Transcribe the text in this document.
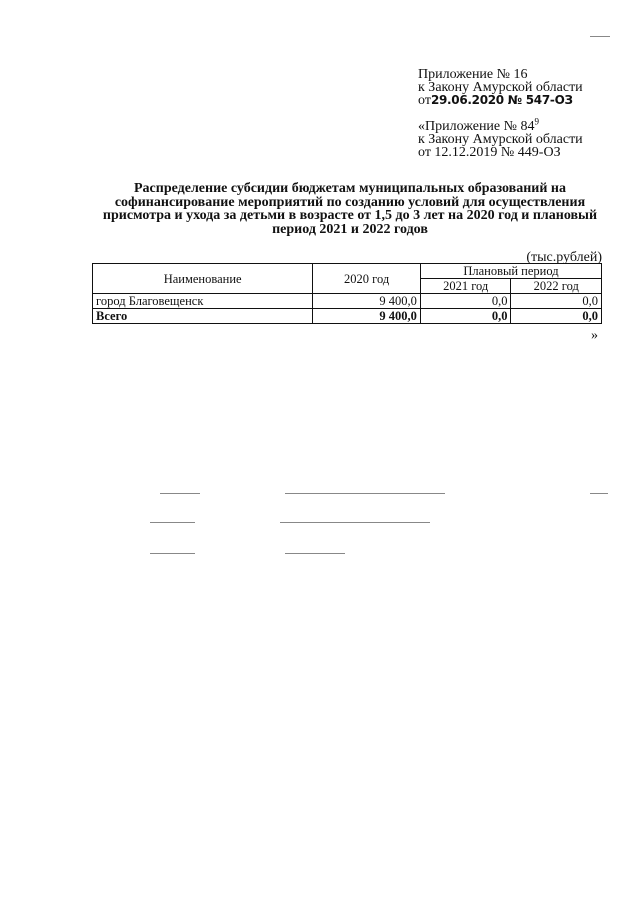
Приложение № 16
к Закону Амурской области
от29.06.2020 № 547-ОЗ
«Приложение № $84^9$
к Закону Амурской области
от 12.12.2019 № 449-ОЗ
Распределение субсидии бюджетам муниципальных образований на софинансирование мероприятий по созданию условий для осуществления присмотра и ухода за детьми в возрасте от 1,5 до 3 лет на 2020 год и плановый период 2021 и 2022 годов
(тыс.рублей)
Наименование	2020 год	Плановый период	
		2021 год	2022 год
город Благовещенск	9 400,0	0,0	0,0
Всего	9 400,0	0,0	0,0
»
